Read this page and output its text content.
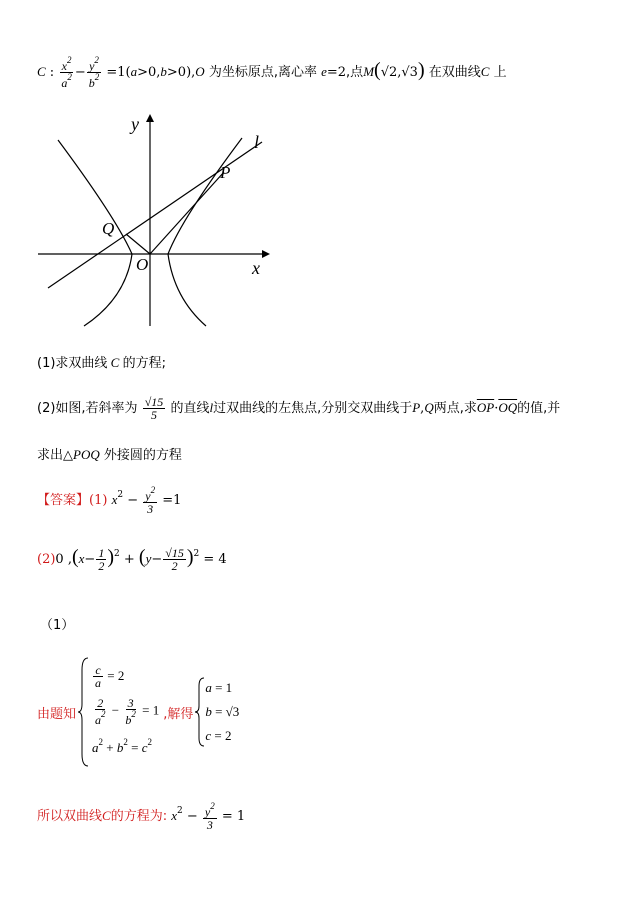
C : $\frac{x^2}{a^2} - \frac{y^2}{b^2} =1(a>0,b>0),O$ 为坐标原点,离心率 e=2,点M(√2,√3) 在双曲线C 上
y
x
l
P
Q
O
(1)求双曲线 C 的方程;
(2)如图,若斜率为 $\frac{√15}{5}$ 的直线l过双曲线的左焦点,分别交双曲线于P,Q两点,求$\overline{OP}\cdot\overline{OQ}$的值,并
求出△POQ 外接圆的方程
【答案】(1) $x^2 - \frac{y^2}{3} =1$
(2)0 $,(x- \frac{1}{2} )^2 + (y- \frac{√15}{2} )^2 = 4$
（1）
由题知
$\frac{c}{a} = 2$
$\frac{2}{a^2} - \frac{3}{b^2} = 1$
$a^2 + b^2 = c^2$
,解得
a = 1
b = √3
c = 2
所以双曲线C的方程为: $x^2 - \frac{y^2}{3} = 1$
